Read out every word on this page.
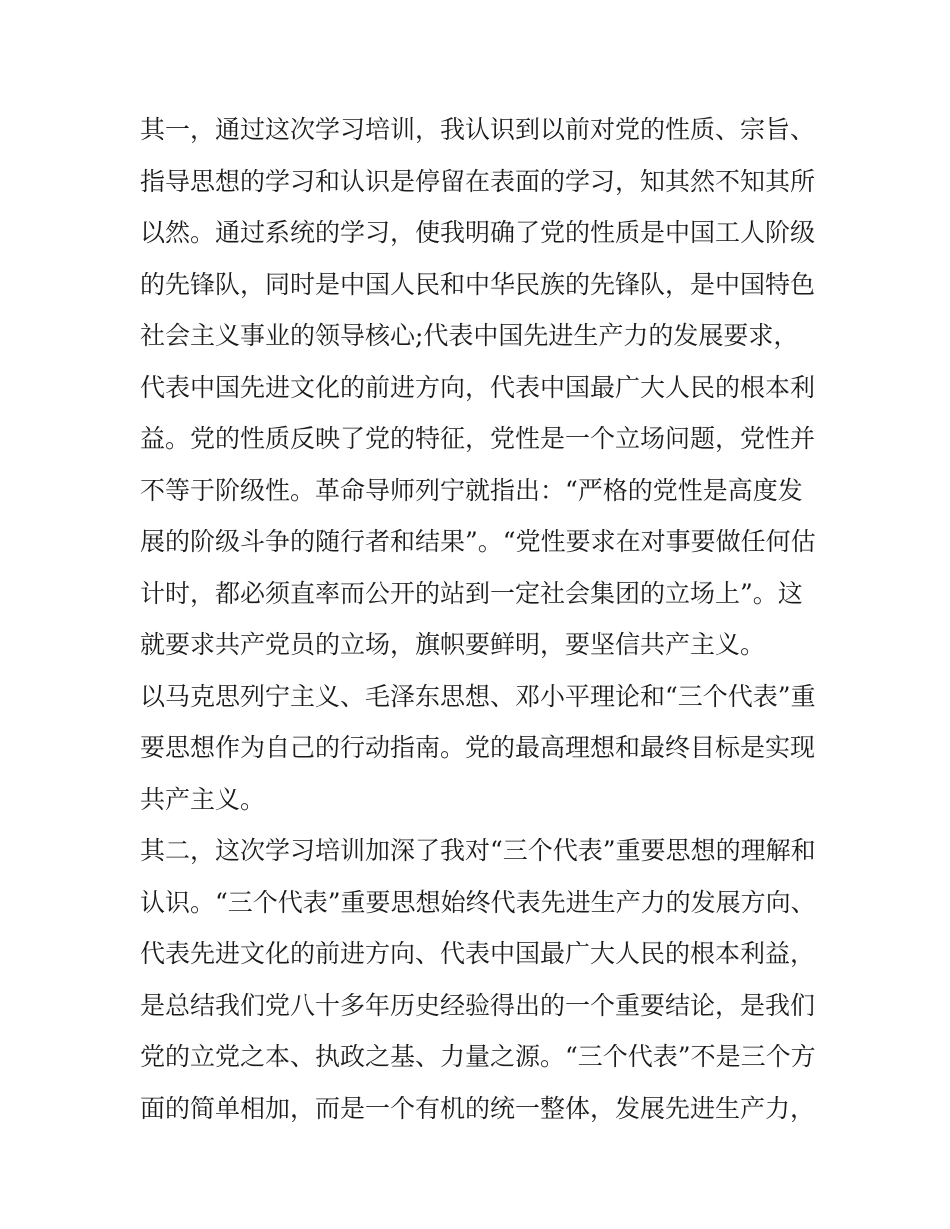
其一，通过这次学习培训，我认识到以前对党的性质、宗旨、
指导思想的学习和认识是停留在表面的学习，知其然不知其所
以然。通过系统的学习，使我明确了党的性质是中国工人阶级
的先锋队，同时是中国人民和中华民族的先锋队，是中国特色
社会主义事业的领导核心;代表中国先进生产力的发展要求，
代表中国先进文化的前进方向，代表中国最广大人民的根本利
益。党的性质反映了党的特征，党性是一个立场问题，党性并
不等于阶级性。革命导师列宁就指出：“严格的党性是高度发
展的阶级斗争的随行者和结果”。“党性要求在对事要做任何估
计时，都必须直率而公开的站到一定社会集团的立场上”。这
就要求共产党员的立场，旗帜要鲜明，要坚信共产主义。
以马克思列宁主义、毛泽东思想、邓小平理论和“三个代表”重
要思想作为自己的行动指南。党的最高理想和最终目标是实现
共产主义。
其二，这次学习培训加深了我对“三个代表”重要思想的理解和
认识。“三个代表”重要思想始终代表先进生产力的发展方向、
代表先进文化的前进方向、代表中国最广大人民的根本利益，
是总结我们党八十多年历史经验得出的一个重要结论，是我们
党的立党之本、执政之基、力量之源。“三个代表”不是三个方
面的简单相加，而是一个有机的统一整体，发展先进生产力，
